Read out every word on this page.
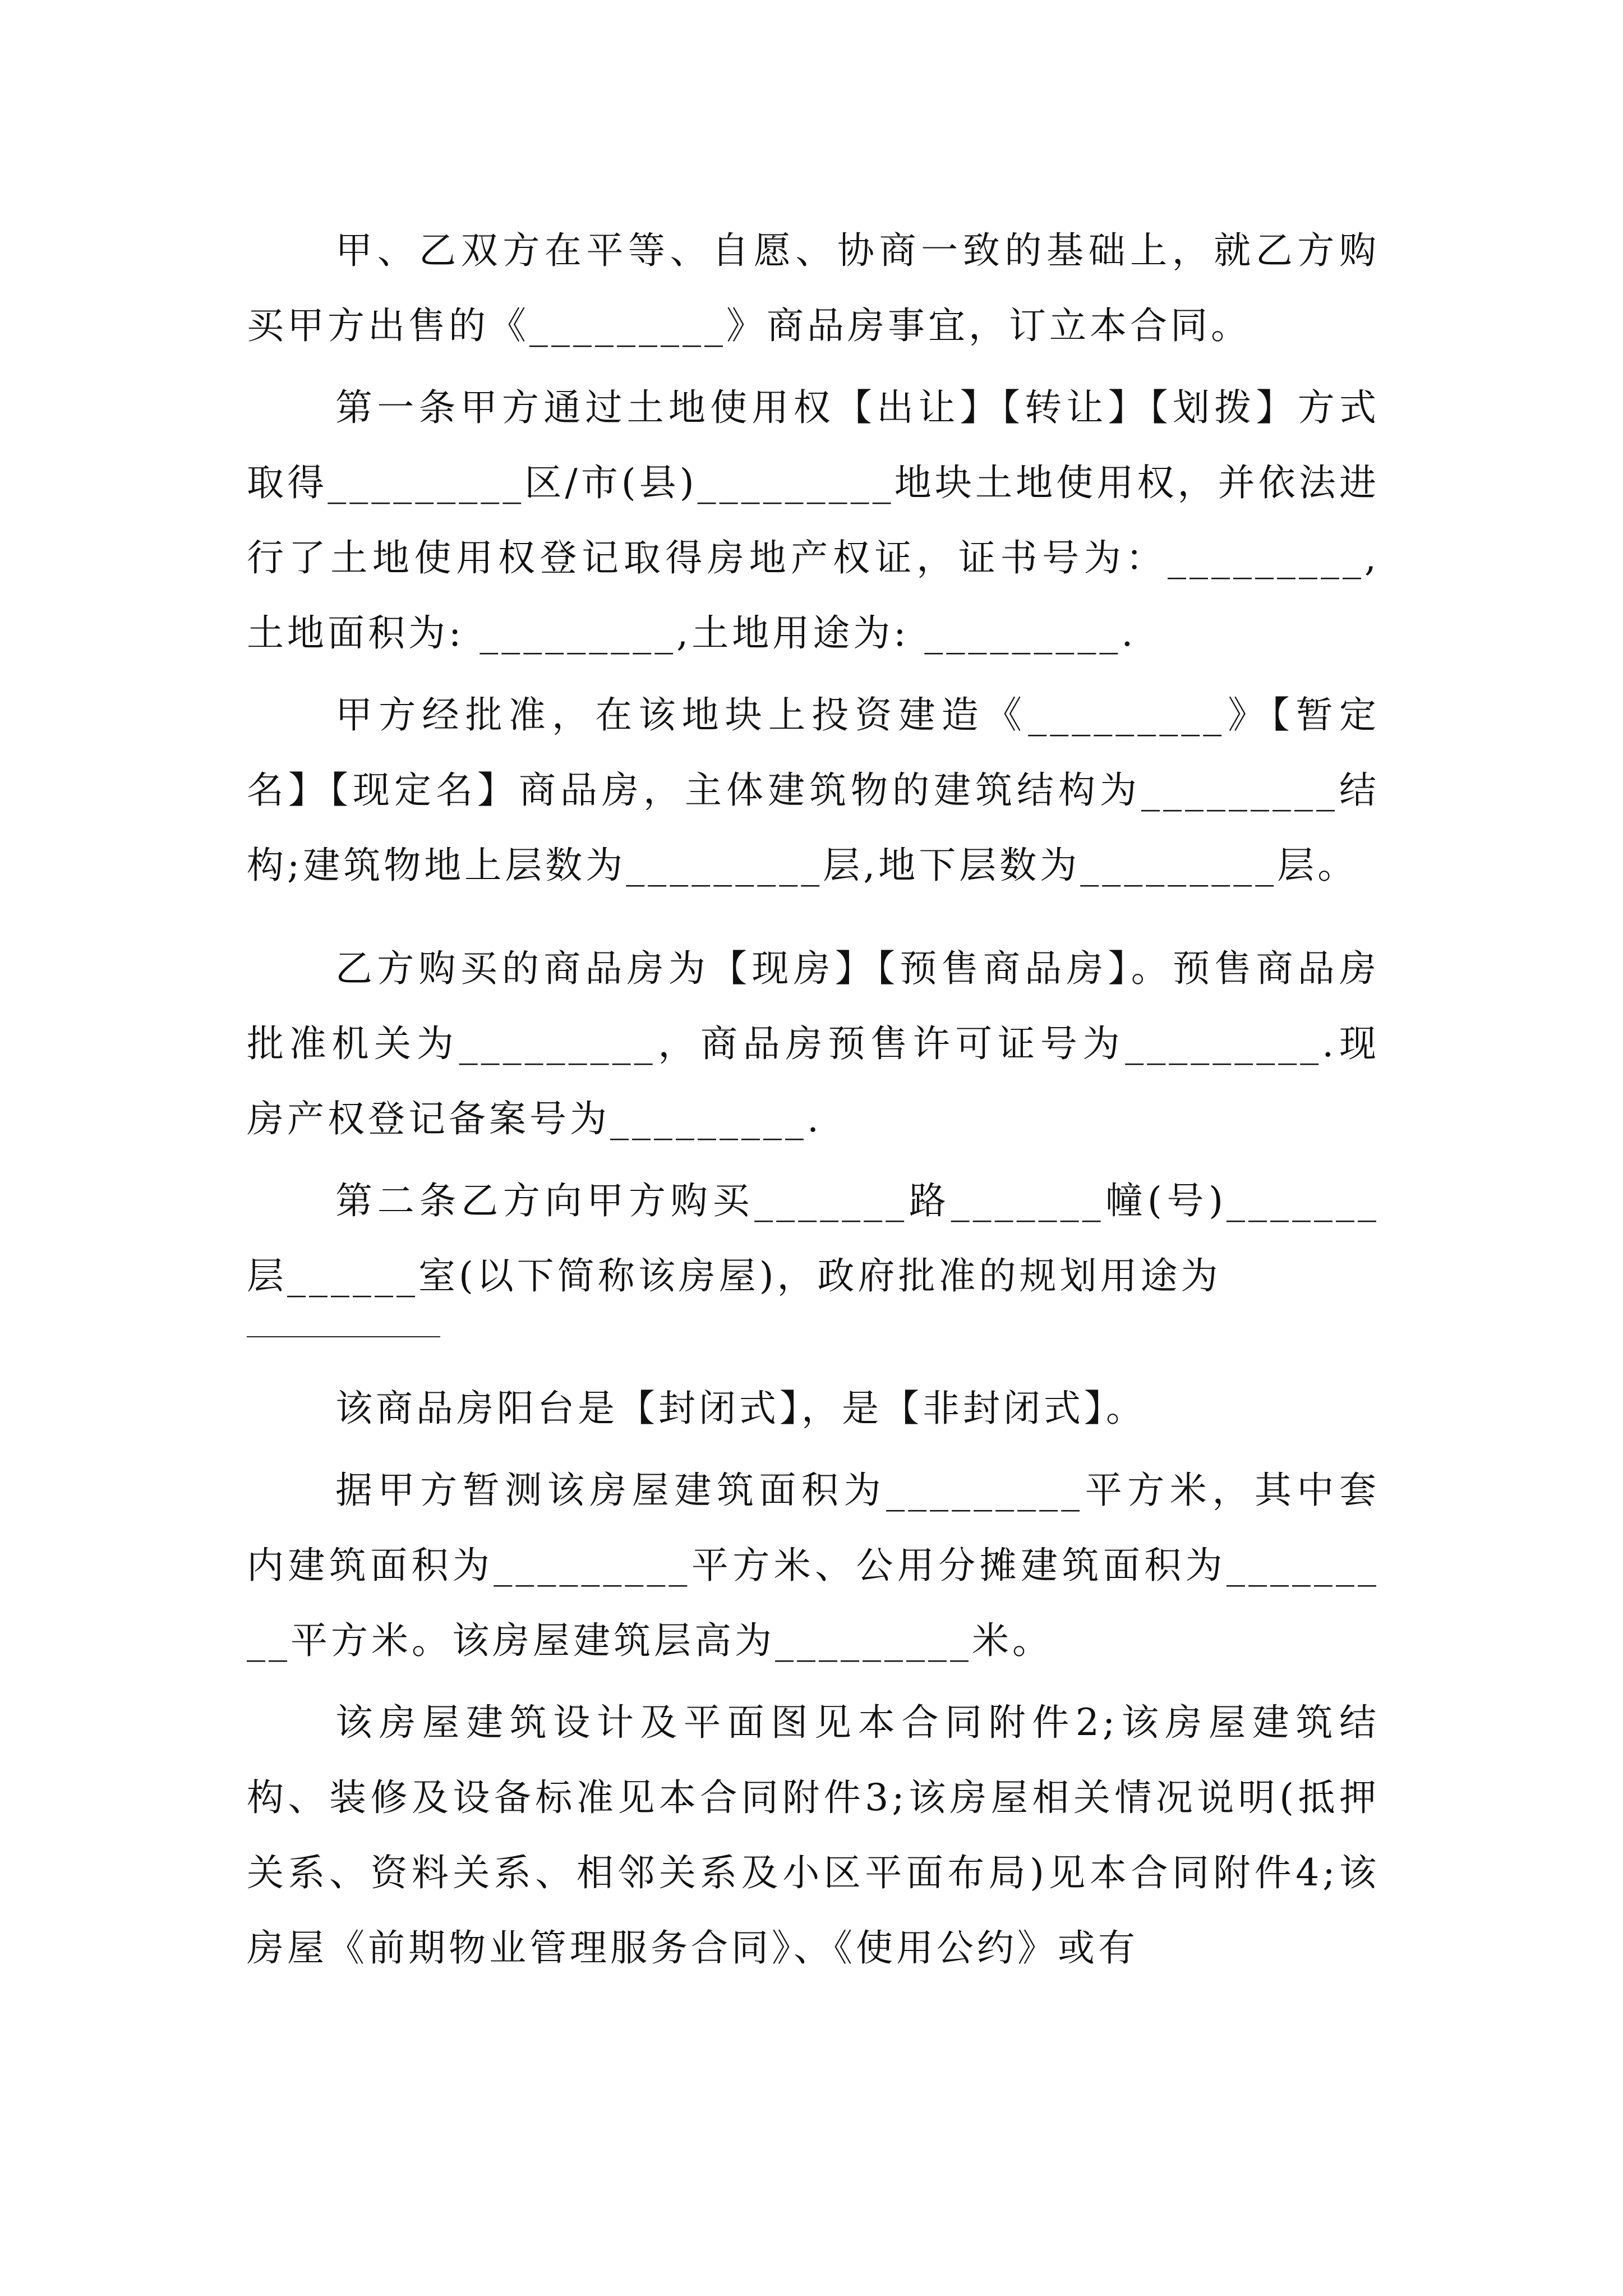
甲、乙双方在平等、自愿、协商一致的基础上，就乙方购买甲方出售的《_________》商品房事宜，订立本合同。

第一条甲方通过土地使用权【出让】【转让】【划拨】方式取得_________区/市(县)_________地块土地使用权，并依法进行了土地使用权登记取得房地产权证，证书号为：_________,土地面积为: _________,土地用途为: _________.

甲方经批准，在该地块上投资建造《_________》【暂定名】【现定名】商品房，主体建筑物的建筑结构为_________结构;建筑物地上层数为_________层,地下层数为_________层。

乙方购买的商品房为【现房】【预售商品房】。预售商品房批准机关为_________，商品房预售许可证号为_________.现房产权登记备案号为_________.

第二条乙方向甲方购买_______路_______幢(号)_______层______室(以下简称该房屋)，政府批准的规划用途为

该商品房阳台是【封闭式】，是【非封闭式】。

据甲方暂测该房屋建筑面积为_________平方米，其中套内建筑面积为_________平方米、公用分摊建筑面积为_________平方米。该房屋建筑层高为_________米。

该房屋建筑设计及平面图见本合同附件2;该房屋建筑结构、装修及设备标准见本合同附件3;该房屋相关情况说明(抵押关系、资料关系、相邻关系及小区平面布局)见本合同附件4;该房屋《前期物业管理服务合同》、《使用公约》或有
